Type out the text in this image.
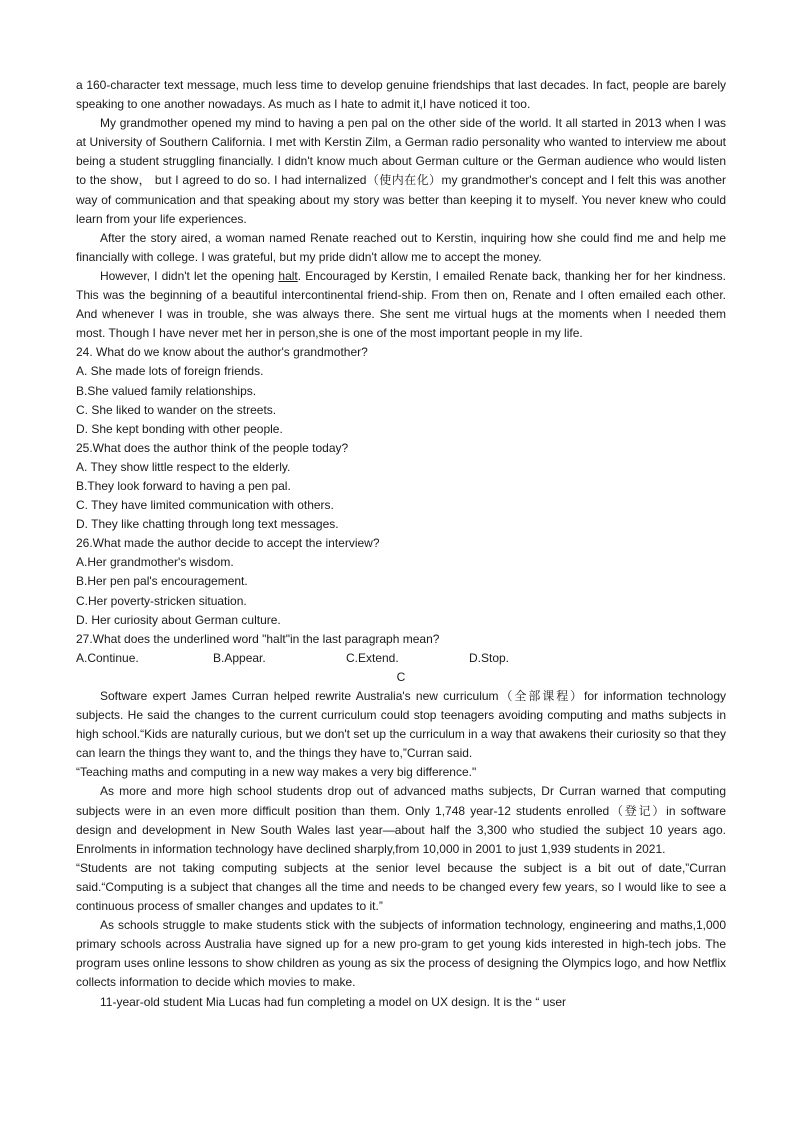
a 160-character text message, much less time to develop genuine friendships that last decades. In fact, people are barely speaking to one another nowadays. As much as I hate to admit it,I have noticed it too.

My grandmother opened my mind to having a pen pal on the other side of the world. It all started in 2013 when I was at University of Southern California. I met with Kerstin Zilm, a German radio personality who wanted to interview me about being a student struggling financially. I didn't know much about German culture or the German audience who would listen to the show， but I agreed to do so. I had internalized（使内在化）my grandmother's concept and I felt this was another way of communication and that speaking about my story was better than keeping it to myself. You never knew who could learn from your life experiences.

After the story aired, a woman named Renate reached out to Kerstin, inquiring how she could find me and help me financially with college. I was grateful, but my pride didn't allow me to accept the money.

However, I didn't let the opening halt. Encouraged by Kerstin, I emailed Renate back, thanking her for her kindness. This was the beginning of a beautiful intercontinental friend-ship. From then on, Renate and I often emailed each other. And whenever I was in trouble, she was always there. She sent me virtual hugs at the moments when I needed them most. Though I have never met her in person,she is one of the most important people in my life.

24. What do we know about the author's grandmother?

A. She made lots of foreign friends.

B.She valued family relationships.

C. She liked to wander on the streets.

D. She kept bonding with other people.

25.What does the author think of the people today?

A. They show little respect to the elderly.

B.They look forward to having a pen pal.

C. They have limited communication with others.

D. They like chatting through long text messages.

26.What made the author decide to accept the interview?

A.Her grandmother's wisdom.

B.Her pen pal's encouragement.

C.Her poverty-stricken situation.

D. Her curiosity about German culture.

27.What does the underlined word "halt"in the last paragraph mean?

A.Continue.	B.Appear.	C.Extend.	D.Stop.

C

Software expert James Curran helped rewrite Australia's new curriculum（全部课程）for information technology subjects. He said the changes to the current curriculum could stop teenagers avoiding computing and maths subjects in high school.“Kids are naturally curious, but we don't set up the curriculum in a way that awakens their curiosity so that they can learn the things they want to, and the things they have to,”Curran said.

“Teaching maths and computing in a new way makes a very big difference."

As more and more high school students drop out of advanced maths subjects, Dr Curran warned that computing subjects were in an even more difficult position than them. Only 1,748 year-12 students enrolled（登记）in software design and development in New South Wales last year—about half the 3,300 who studied the subject 10 years ago. Enrolments in information technology have declined sharply,from 10,000 in 2001 to just 1,939 students in 2021.

“Students are not taking computing subjects at the senior level because the subject is a bit out of date,”Curran said.“Computing is a subject that changes all the time and needs to be changed every few years, so I would like to see a continuous process of smaller changes and updates to it.”

As schools struggle to make students stick with the subjects of information technology, engineering and maths,1,000 primary schools across Australia have signed up for a new pro-gram to get young kids interested in high-tech jobs. The program uses online lessons to show children as young as six the process of designing the Olympics logo, and how Netflix collects information to decide which movies to make.

11-year-old student Mia Lucas had fun completing a model on UX design. It is the “ user
